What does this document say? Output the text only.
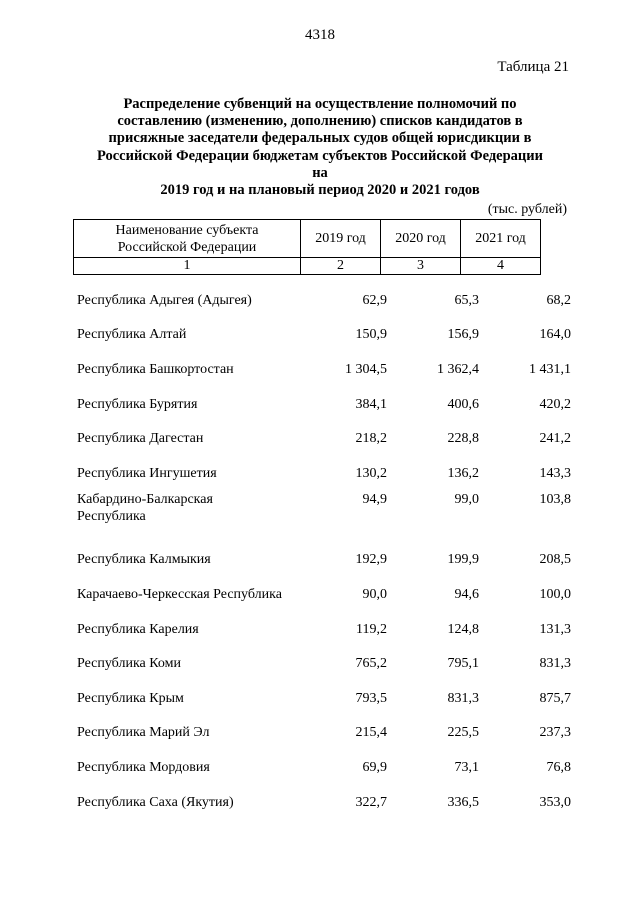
4318
Таблица 21
Распределение субвенций на осуществление полномочий по
составлению (изменению, дополнению) списков кандидатов в
присяжные заседатели федеральных судов общей юрисдикции в
Российской Федерации бюджетам субъектов Российской Федерации на
2019 год и на плановый период 2020 и 2021 годов
(тыс. рублей)
Наименование субъекта
Российской Федерации	2019 год	2020 год	2021 год
1	2	3	4
Республика Адыгея (Адыгея)	62,9	65,3	68,2
Республика Алтай	150,9	156,9	164,0
Республика Башкортостан	1 304,5	1 362,4	1 431,1
Республика Бурятия	384,1	400,6	420,2
Республика Дагестан	218,2	228,8	241,2
Республика Ингушетия	130,2	136,2	143,3
Кабардино-Балкарская
Республика
94,9	99,0	103,8
Республика Калмыкия	192,9	199,9	208,5
Карачаево-Черкесская Республика	90,0	94,6	100,0
Республика Карелия	119,2	124,8	131,3
Республика Коми	765,2	795,1	831,3
Республика Крым	793,5	831,3	875,7
Республика Марий Эл	215,4	225,5	237,3
Республика Мордовия	69,9	73,1	76,8
Республика Саха (Якутия)	322,7	336,5	353,0
